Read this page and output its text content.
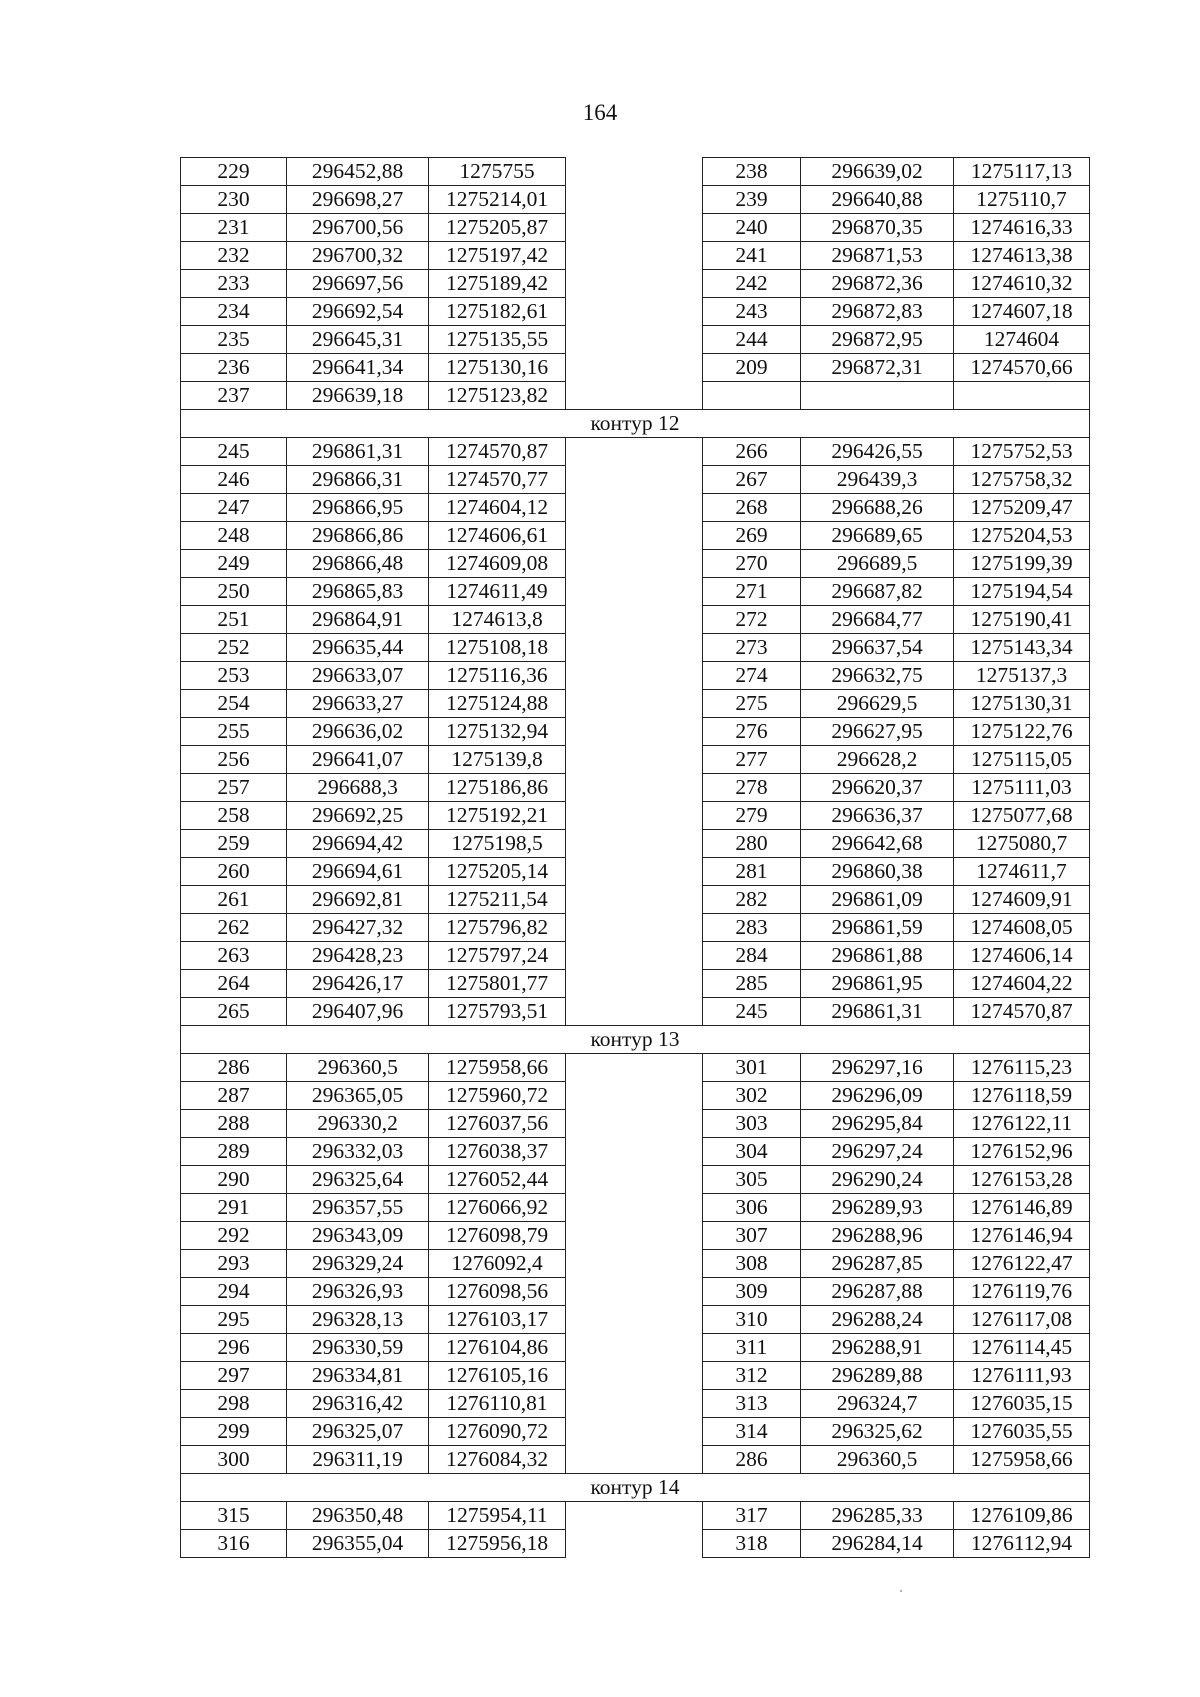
164
229	296452,88	1275755		238	296639,02	1275117,13
230	296698,27	1275214,01		239	296640,88	1275110,7
231	296700,56	1275205,87		240	296870,35	1274616,33
232	296700,32	1275197,42		241	296871,53	1274613,38
233	296697,56	1275189,42		242	296872,36	1274610,32
234	296692,54	1275182,61		243	296872,83	1274607,18
235	296645,31	1275135,55		244	296872,95	1274604
236	296641,34	1275130,16		209	296872,31	1274570,66
237	296639,18	1275123,82				
контур 12						
245	296861,31	1274570,87		266	296426,55	1275752,53
246	296866,31	1274570,77		267	296439,3	1275758,32
247	296866,95	1274604,12		268	296688,26	1275209,47
248	296866,86	1274606,61		269	296689,65	1275204,53
249	296866,48	1274609,08		270	296689,5	1275199,39
250	296865,83	1274611,49		271	296687,82	1275194,54
251	296864,91	1274613,8		272	296684,77	1275190,41
252	296635,44	1275108,18		273	296637,54	1275143,34
253	296633,07	1275116,36		274	296632,75	1275137,3
254	296633,27	1275124,88		275	296629,5	1275130,31
255	296636,02	1275132,94		276	296627,95	1275122,76
256	296641,07	1275139,8		277	296628,2	1275115,05
257	296688,3	1275186,86		278	296620,37	1275111,03
258	296692,25	1275192,21		279	296636,37	1275077,68
259	296694,42	1275198,5		280	296642,68	1275080,7
260	296694,61	1275205,14		281	296860,38	1274611,7
261	296692,81	1275211,54		282	296861,09	1274609,91
262	296427,32	1275796,82		283	296861,59	1274608,05
263	296428,23	1275797,24		284	296861,88	1274606,14
264	296426,17	1275801,77		285	296861,95	1274604,22
265	296407,96	1275793,51		245	296861,31	1274570,87
контур 13						
286	296360,5	1275958,66		301	296297,16	1276115,23
287	296365,05	1275960,72		302	296296,09	1276118,59
288	296330,2	1276037,56		303	296295,84	1276122,11
289	296332,03	1276038,37		304	296297,24	1276152,96
290	296325,64	1276052,44		305	296290,24	1276153,28
291	296357,55	1276066,92		306	296289,93	1276146,89
292	296343,09	1276098,79		307	296288,96	1276146,94
293	296329,24	1276092,4		308	296287,85	1276122,47
294	296326,93	1276098,56		309	296287,88	1276119,76
295	296328,13	1276103,17		310	296288,24	1276117,08
296	296330,59	1276104,86		311	296288,91	1276114,45
297	296334,81	1276105,16		312	296289,88	1276111,93
298	296316,42	1276110,81		313	296324,7	1276035,15
299	296325,07	1276090,72		314	296325,62	1276035,55
300	296311,19	1276084,32		286	296360,5	1275958,66
контур 14						
315	296350,48	1275954,11		317	296285,33	1276109,86
316	296355,04	1275956,18		318	296284,14	1276112,94
